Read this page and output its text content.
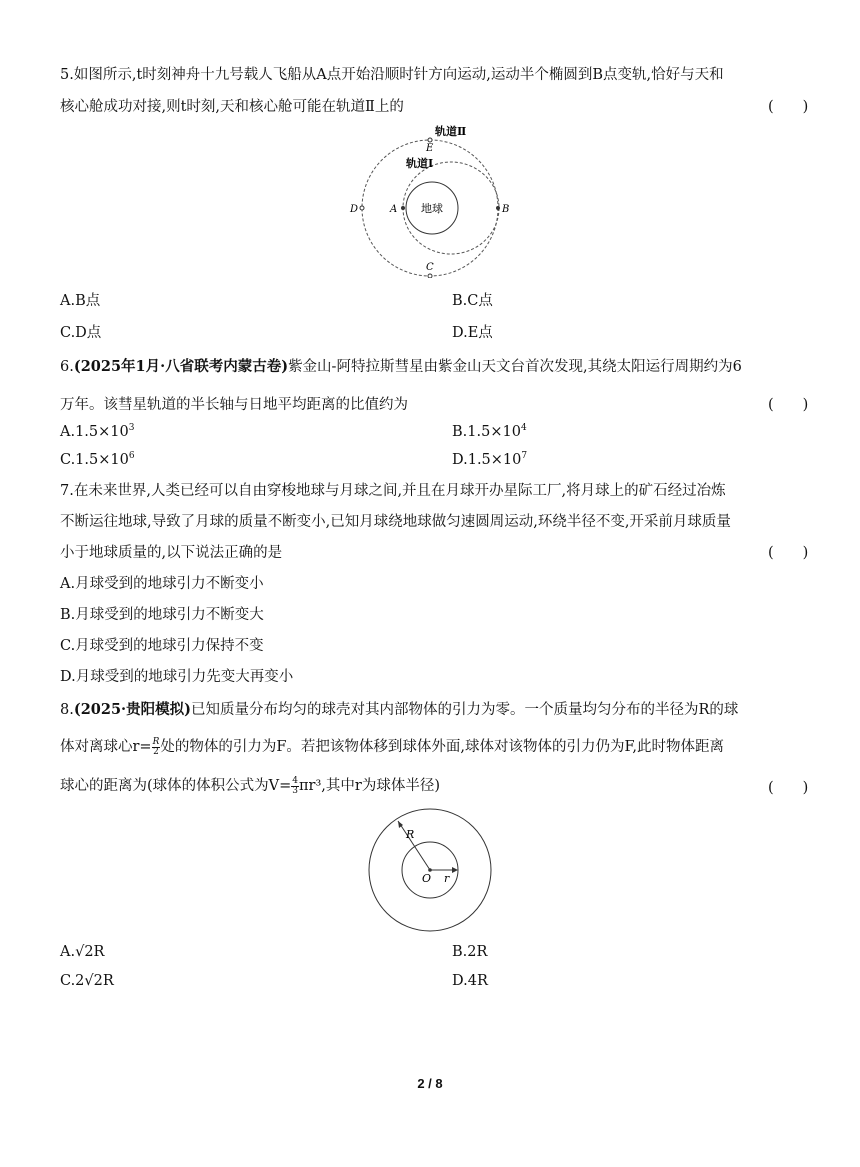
5.如图所示,t时刻神舟十九号载人飞船从A点开始沿顺时针方向运动,运动半个椭圆到B点变轨,恰好与天和
核心舱成功对接,则t时刻,天和核心舱可能在轨道Ⅱ上的	(　　)
地球
轨道Ⅱ
轨道Ⅰ
E
A	B
C
D
A.B点	B.C点
C.D点	D.E点
6.(2025年1月·八省联考内蒙古卷)紫金山-阿特拉斯彗星由紫金山天文台首次发现,其绕太阳运行周期约为6
万年。该彗星轨道的半长轴与日地平均距离的比值约为	(　　)
$A.1.5\times 10^3$	$B.1.5\times 10^4$
$C.1.5\times 10^6$	$D.1.5\times 10^7$
7.在未来世界,人类已经可以自由穿梭地球与月球之间,并且在月球开办星际工厂,将月球上的矿石经过冶炼
不断运往地球,导致了月球的质量不断变小,已知月球绕地球做匀速圆周运动,环绕半径不变,开采前月球质量
小于地球质量的,以下说法正确的是	(　　)
A.月球受到的地球引力不断变小
B.月球受到的地球引力不断变大
C.月球受到的地球引力保持不变
D.月球受到的地球引力先变大再变小
8.(2025·贵阳模拟)已知质量分布均匀的球壳对其内部物体的引力为零。一个质量均匀分布的半径为R的球
体对离球心$r= \frac{R}{2}$ 处的物体的引力为F。若把该物体移到球体外面,球体对该物体的引力仍为F,此时物体距离
球心的距离为(球体的体积公式为$V= \frac{4}{3} \pi r^3$,其中r为球体半径)	(　　)
R
O r
A.√2R	B.2R
C.2√2R	D.4R
2 / 8
